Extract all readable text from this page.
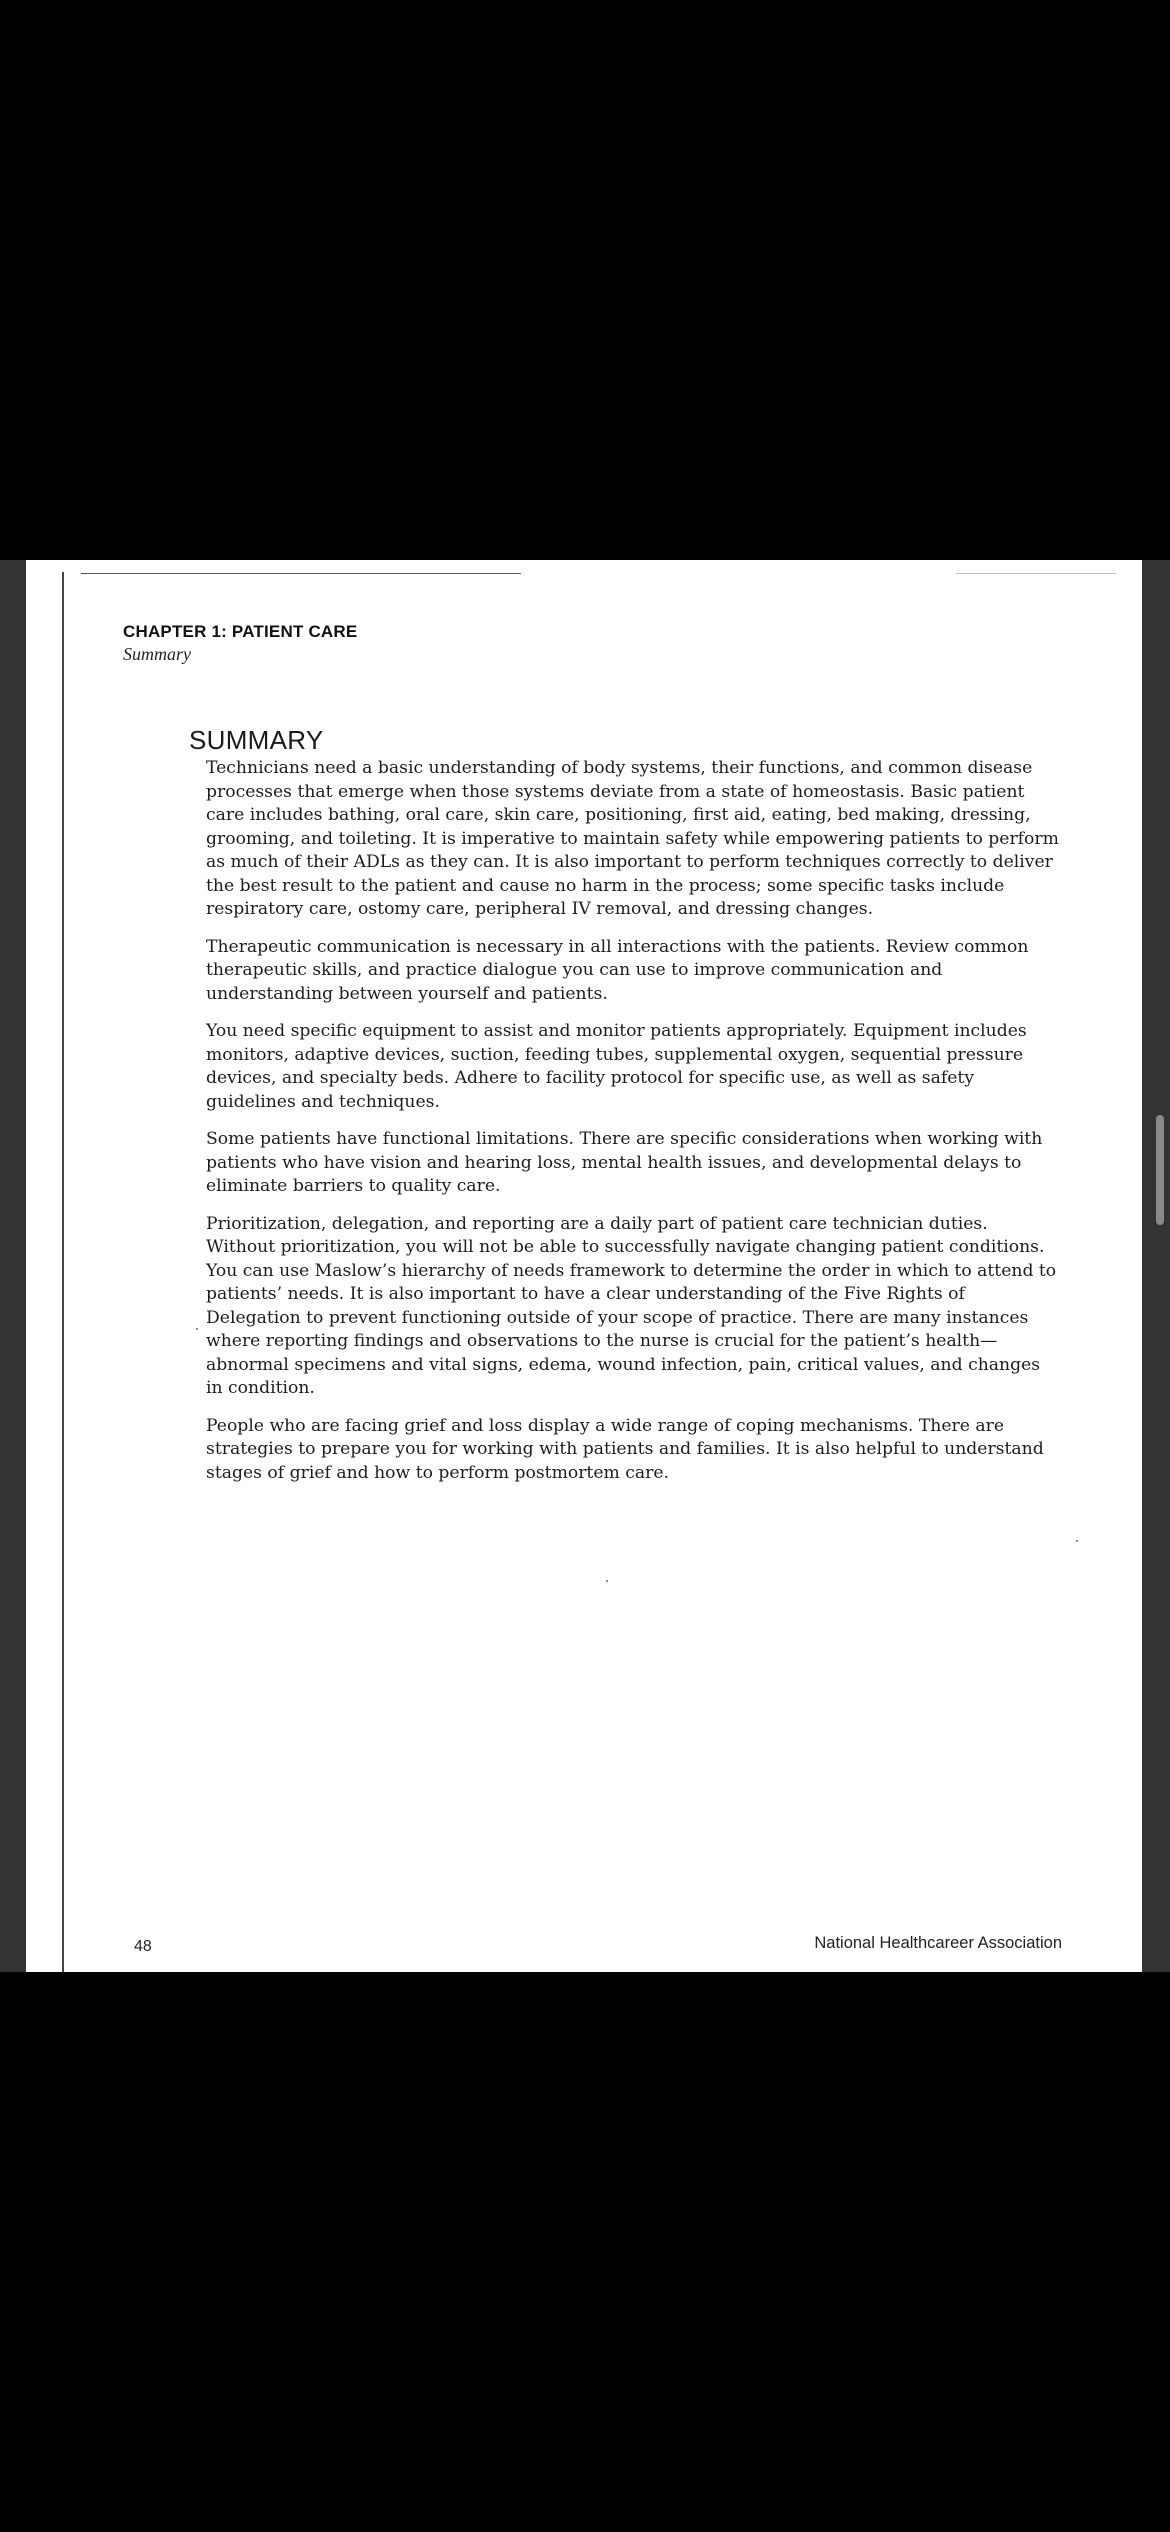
CHAPTER 1: PATIENT CARE
Summary
SUMMARY

Technicians need a basic understanding of body systems, their functions, and common disease processes that emerge when those systems deviate from a state of homeostasis. Basic patient care includes bathing, oral care, skin care, positioning, first aid, eating, bed making, dressing, grooming, and toileting. It is imperative to maintain safety while empowering patients to perform as much of their ADLs as they can. It is also important to perform techniques correctly to deliver the best result to the patient and cause no harm in the process; some specific tasks include respiratory care, ostomy care, peripheral IV removal, and dressing changes.

Therapeutic communication is necessary in all interactions with the patients. Review common therapeutic skills, and practice dialogue you can use to improve communication and understanding between yourself and patients.

You need specific equipment to assist and monitor patients appropriately. Equipment includes monitors, adaptive devices, suction, feeding tubes, supplemental oxygen, sequential pressure devices, and specialty beds. Adhere to facility protocol for specific use, as well as safety guidelines and techniques.

Some patients have functional limitations. There are specific considerations when working with patients who have vision and hearing loss, mental health issues, and developmental delays to eliminate barriers to quality care.

Prioritization, delegation, and reporting are a daily part of patient care technician duties. Without prioritization, you will not be able to successfully navigate changing patient conditions. You can use Maslow’s hierarchy of needs framework to determine the order in which to attend to patients’ needs. It is also important to have a clear understanding of the Five Rights of Delegation to prevent functioning outside of your scope of practice. There are many instances where reporting findings and observations to the nurse is crucial for the patient’s health—abnormal specimens and vital signs, edema, wound infection, pain, critical values, and changes in condition.

People who are facing grief and loss display a wide range of coping mechanisms. There are strategies to prepare you for working with patients and families. It is also helpful to understand stages of grief and how to perform postmortem care.

48	National Healthcareer Association
